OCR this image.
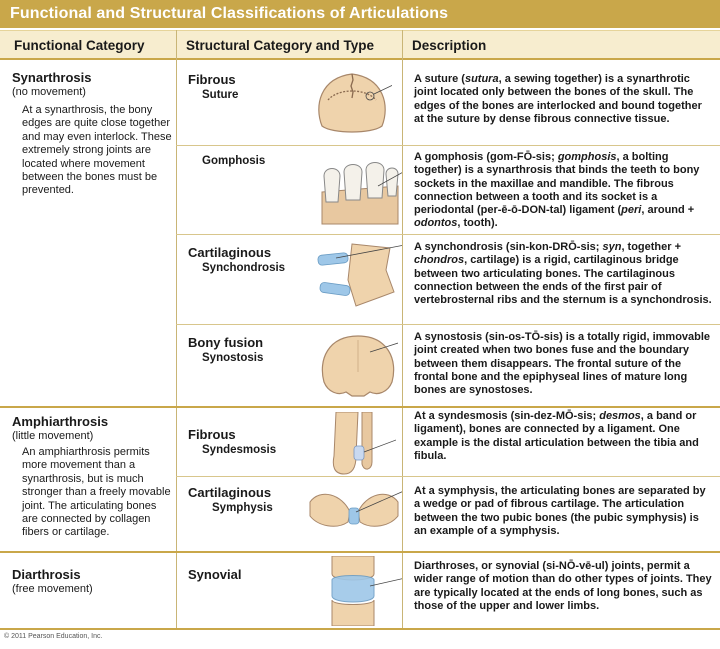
Functional and Structural Classifications of Articulations
Functional Category	Structural Category and Type	Description
Synarthrosis
(no movement)
At a synarthrosis, the bony edges are quite close together and may even interlock. These extremely strong joints are located where movement between the bones must be prevented.
Amphiarthrosis
(little movement)
An amphiarthrosis permits more movement than a synarthrosis, but is much stronger than a freely movable joint. The articulating bones are connected by collagen fibers or cartilage.
Diarthrosis
(free movement)
Fibrous
Suture
Gomphosis
Cartilaginous
Synchondrosis
Bony fusion
Synostosis
Fibrous
Syndesmosis
Cartilaginous
Symphysis
Synovial
A suture (sutura, a sewing together) is a synarthrotic joint located only between the bones of the skull. The edges of the bones are interlocked and bound together at the suture by dense fibrous connective tissue.
A gomphosis (gom-FŌ-sis; gomphosis, a bolting together) is a synarthrosis that binds the teeth to bony sockets in the maxillae and mandible. The fibrous connection between a tooth and its socket is a periodontal (per-ē-ō-DON-tal) ligament (peri, around + odontos, tooth).
A synchondrosis (sin-kon-DRŌ-sis; syn, together + chondros, cartilage) is a rigid, cartilaginous bridge between two articulating bones. The cartilaginous connection between the ends of the first pair of vertebrosternal ribs and the sternum is a synchondrosis.
A synostosis (sin-os-TŌ-sis) is a totally rigid, immovable joint created when two bones fuse and the boundary between them disappears. The frontal suture of the frontal bone and the epiphyseal lines of mature long bones are synostoses.
At a syndesmosis (sin-dez-MŌ-sis; desmos, a band or ligament), bones are connected by a ligament. One example is the distal articulation between the tibia and fibula.
At a symphysis, the articulating bones are separated by a wedge or pad of fibrous cartilage. The articulation between the two pubic bones (the pubic symphysis) is an example of a symphysis.
Diarthroses, or synovial (si-NŌ-vē-ul) joints, permit a wider range of motion than do other types of joints. They are typically located at the ends of long bones, such as those of the upper and lower limbs.
© 2011 Pearson Education, Inc.
